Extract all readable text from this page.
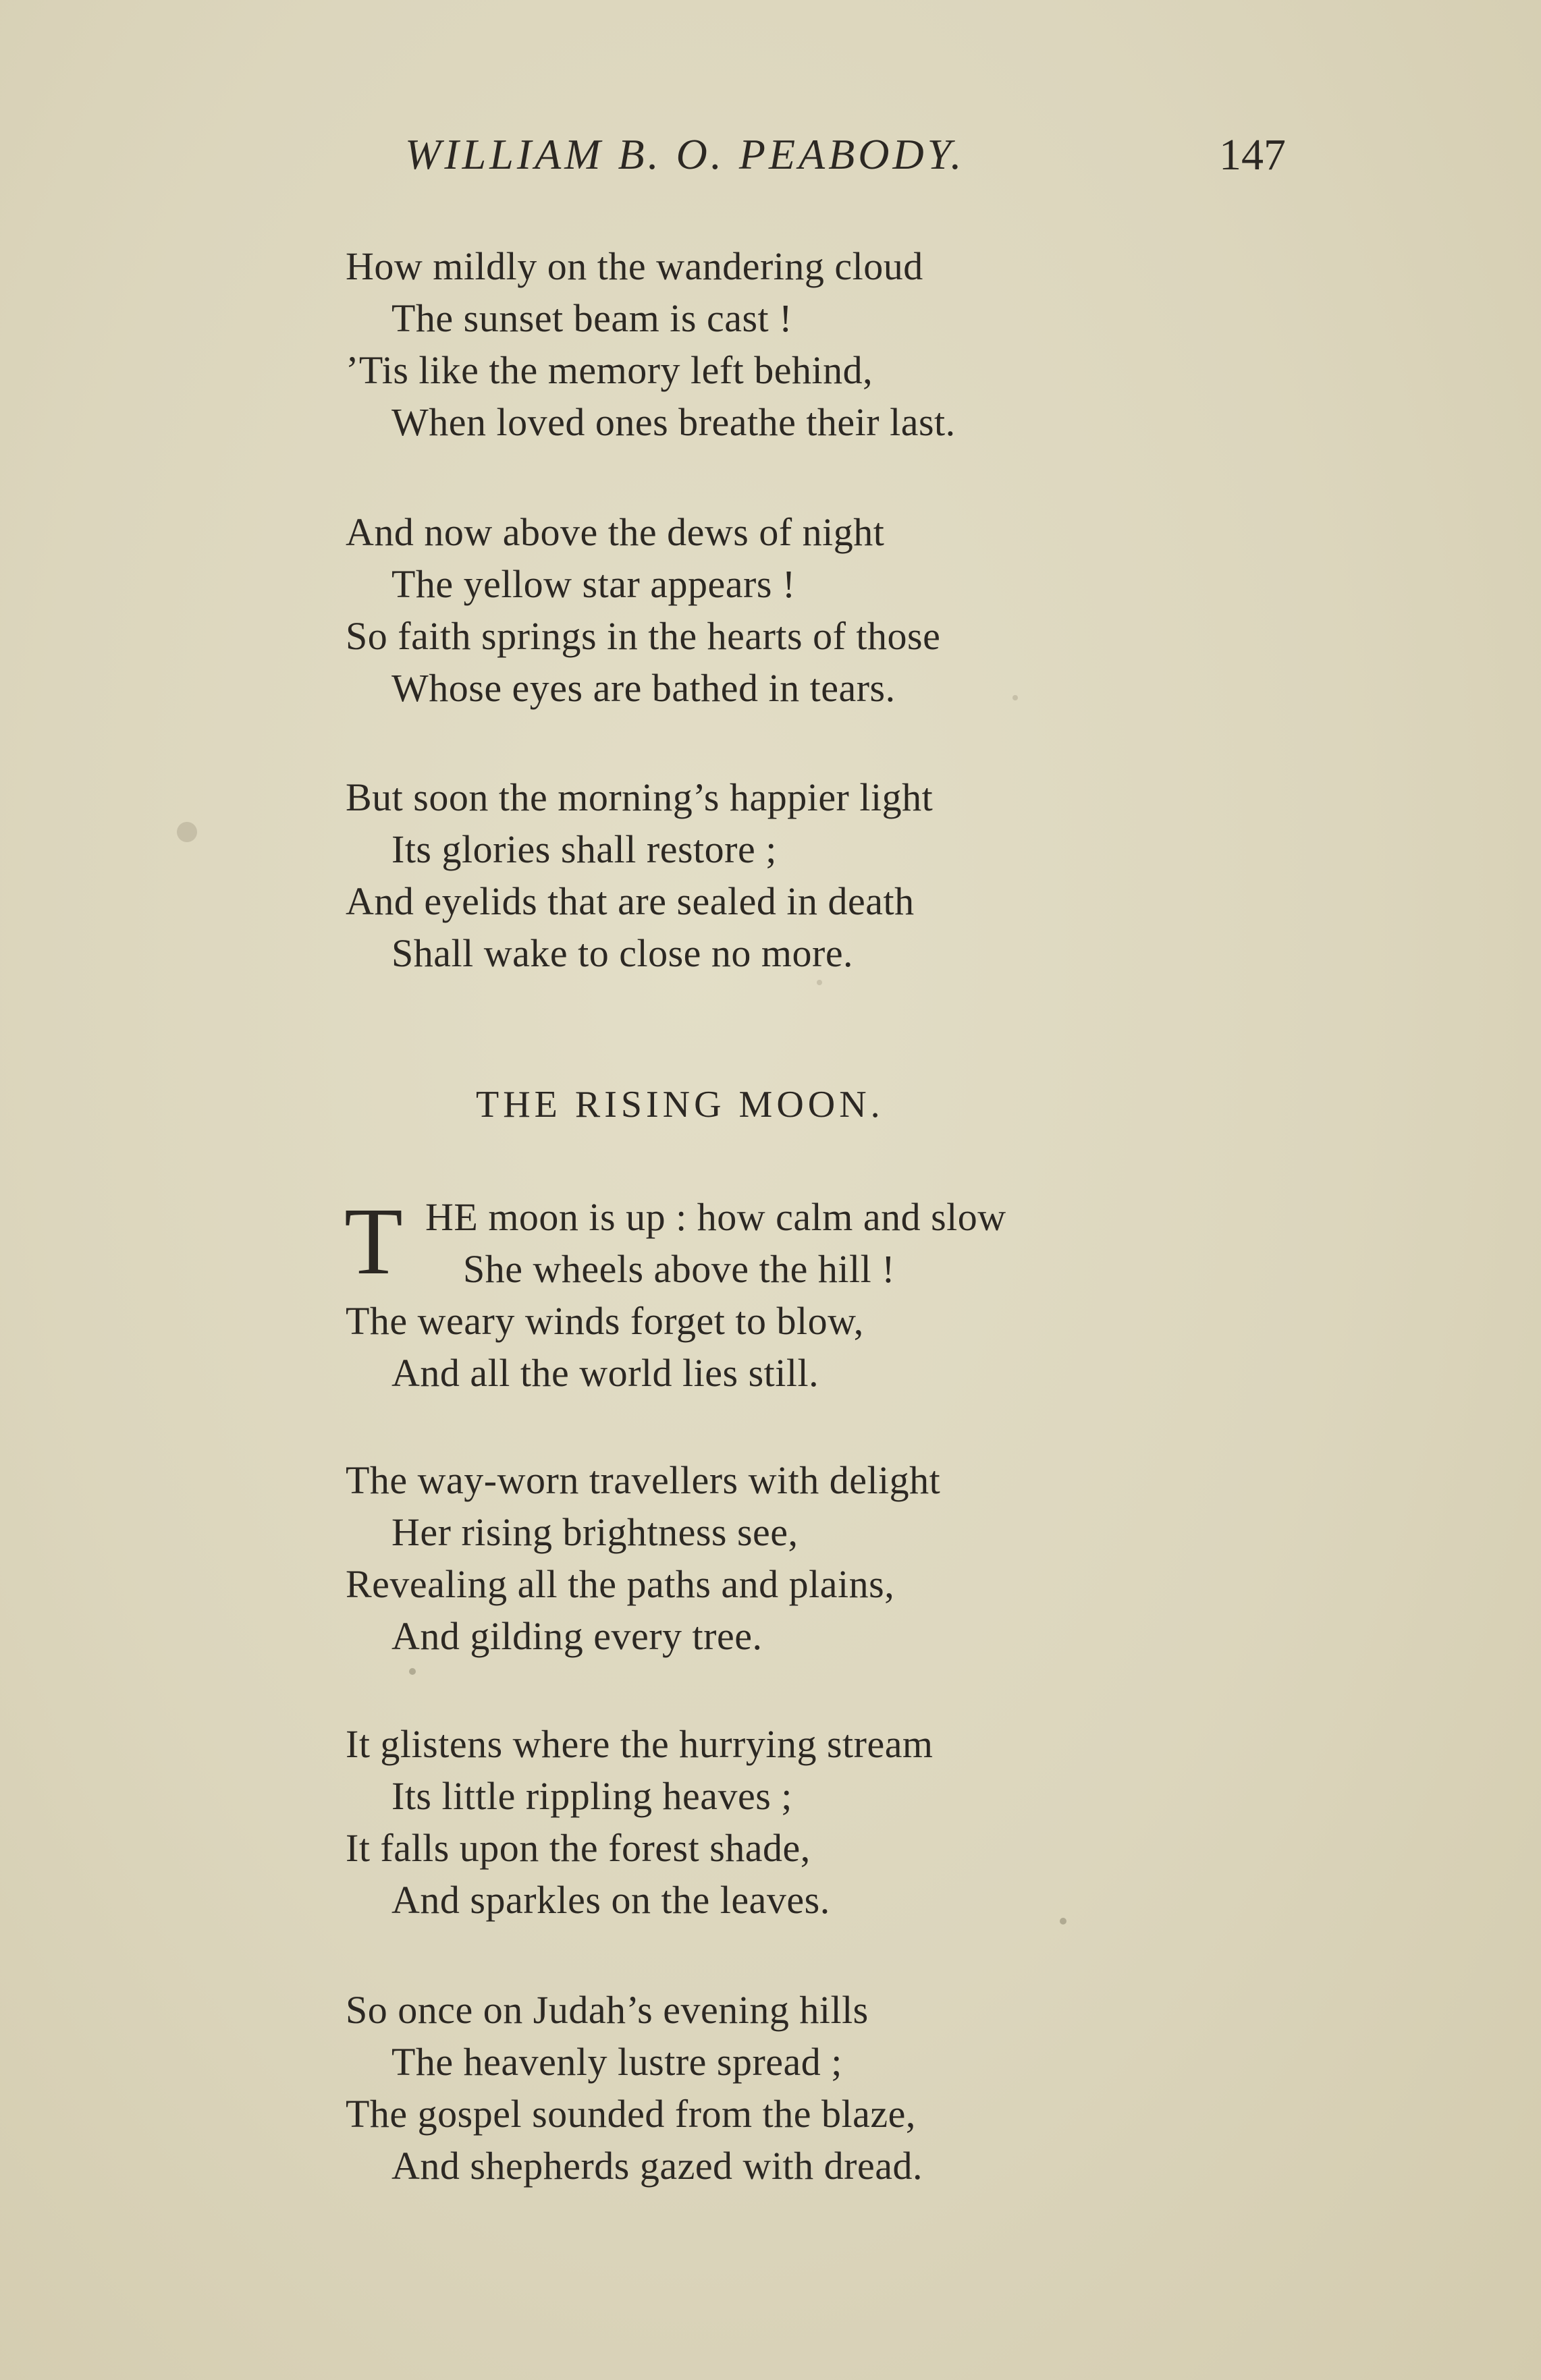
WILLIAM B. O. PEABODY.	147
How mildly on the wandering cloud
The sunset beam is cast !
’Tis like the memory left behind,
When loved ones breathe their last.
And now above the dews of night
The yellow star appears !
So faith springs in the hearts of those
Whose eyes are bathed in tears.
But soon the morning’s happier light
Its glories shall restore ;
And eyelids that are sealed in death
Shall wake to close no more.
THE RISING MOON.
T HE moon is up : how calm and slow
She wheels above the hill !
The weary winds forget to blow,
And all the world lies still.
The way-worn travellers with delight
Her rising brightness see,
Revealing all the paths and plains,
And gilding every tree.
It glistens where the hurrying stream
Its little rippling heaves ;
It falls upon the forest shade,
And sparkles on the leaves.
So once on Judah’s evening hills
The heavenly lustre spread ;
The gospel sounded from the blaze,
And shepherds gazed with dread.
